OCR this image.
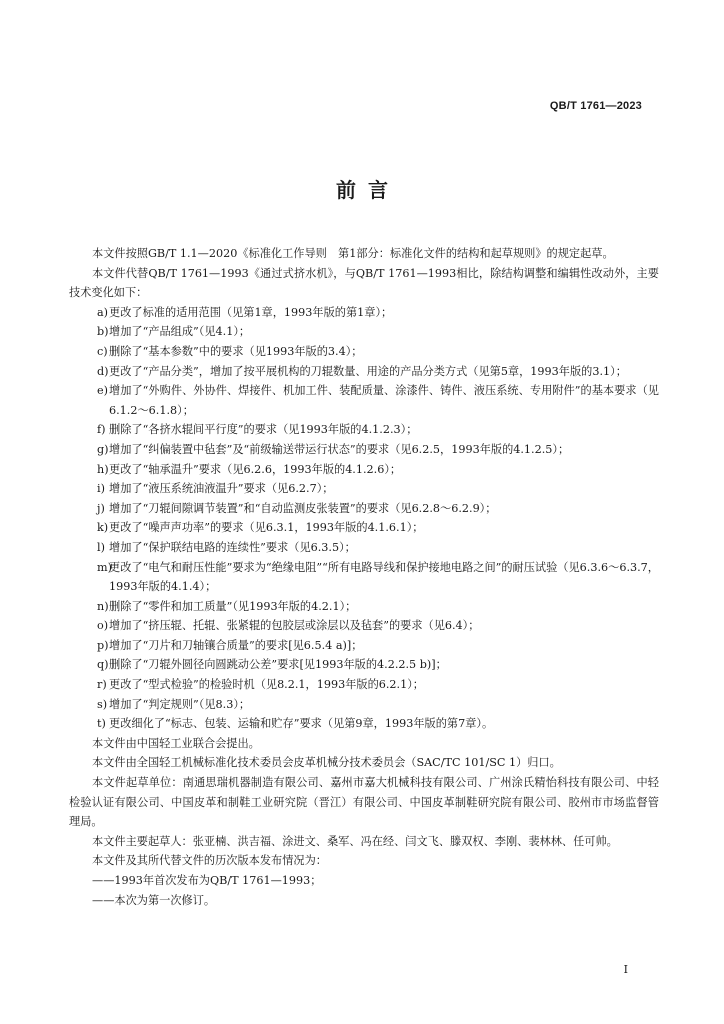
QB/T 1761—2023
前言

本文件按照GB/T 1.1—2020《标准化工作导则　第1部分：标准化文件的结构和起草规则》的规定起草。

本文件代替QB/T 1761—1993《通过式挤水机》，与QB/T 1761—1993相比，除结构调整和编辑性改动外，主要技术变化如下：

a) 更改了标准的适用范围（见第1章，1993年版的第1章）；
b) 增加了“产品组成”（见4.1）；
c) 删除了“基本参数”中的要求（见1993年版的3.4）；
d) 更改了“产品分类”，增加了按平展机构的刀辊数量、用途的产品分类方式（见第5章，1993年版的3.1）；
e) 增加了“外购件、外协件、焊接件、机加工件、装配质量、涂漆件、铸件、液压系统、专用附件”的基本要求（见6.1.2～6.1.8）；
f) 删除了“各挤水辊间平行度”的要求（见1993年版的4.1.2.3）；
g) 增加了“纠偏装置中毡套”及“前级输送带运行状态”的要求（见6.2.5，1993年版的4.1.2.5）；
h) 更改了“轴承温升”要求（见6.2.6，1993年版的4.1.2.6）；
i) 增加了“液压系统油液温升”要求（见6.2.7）；
j) 增加了“刀辊间隙调节装置”和“自动监测皮张装置”的要求（见6.2.8～6.2.9）；
k) 更改了“噪声声功率”的要求（见6.3.1，1993年版的4.1.6.1）；
l) 增加了“保护联结电路的连续性”要求（见6.3.5）；
m)
更改了“电气和耐压性能”要求为“绝缘电阻”“所有电路导线和保护接地电路之间”的耐压试验（见6.3.6～6.3.7，1993年版的4.1.4）；
n) 删除了“零件和加工质量”（见1993年版的4.2.1）；
o) 增加了“挤压辊、托辊、张紧辊的包胶层或涂层以及毡套”的要求（见6.4）；
p) 增加了“刀片和刀轴镶合质量”的要求[见6.5.4 a)]；
q) 删除了“刀辊外圆径向圆跳动公差”要求[见1993年版的4.2.2.5 b)]；
r) 更改了“型式检验”的检验时机（见8.2.1，1993年版的6.2.1）；
s) 增加了“判定规则”（见8.3）；
t) 更改细化了“标志、包装、运输和贮存”要求（见第9章，1993年版的第7章）。

本文件由中国轻工业联合会提出。

本文件由全国轻工机械标准化技术委员会皮革机械分技术委员会（SAC/TC 101/SC 1）归口。

本文件起草单位：南通思瑞机器制造有限公司、嘉州市嘉大机械科技有限公司、广州涂氏精怡科技有限公司、中轻检验认证有限公司、中国皮革和制鞋工业研究院（晋江）有限公司、中国皮革制鞋研究院有限公司、胶州市市场监督管理局。

本文件主要起草人：张亚楠、洪吉福、涂进文、桑军、冯在经、闫文飞、滕双权、李刚、裴林林、任可帅。

本文件及其所代替文件的历次版本发布情况为：

——1993年首次发布为QB/T 1761—1993；

——本次为第一次修订。

I
